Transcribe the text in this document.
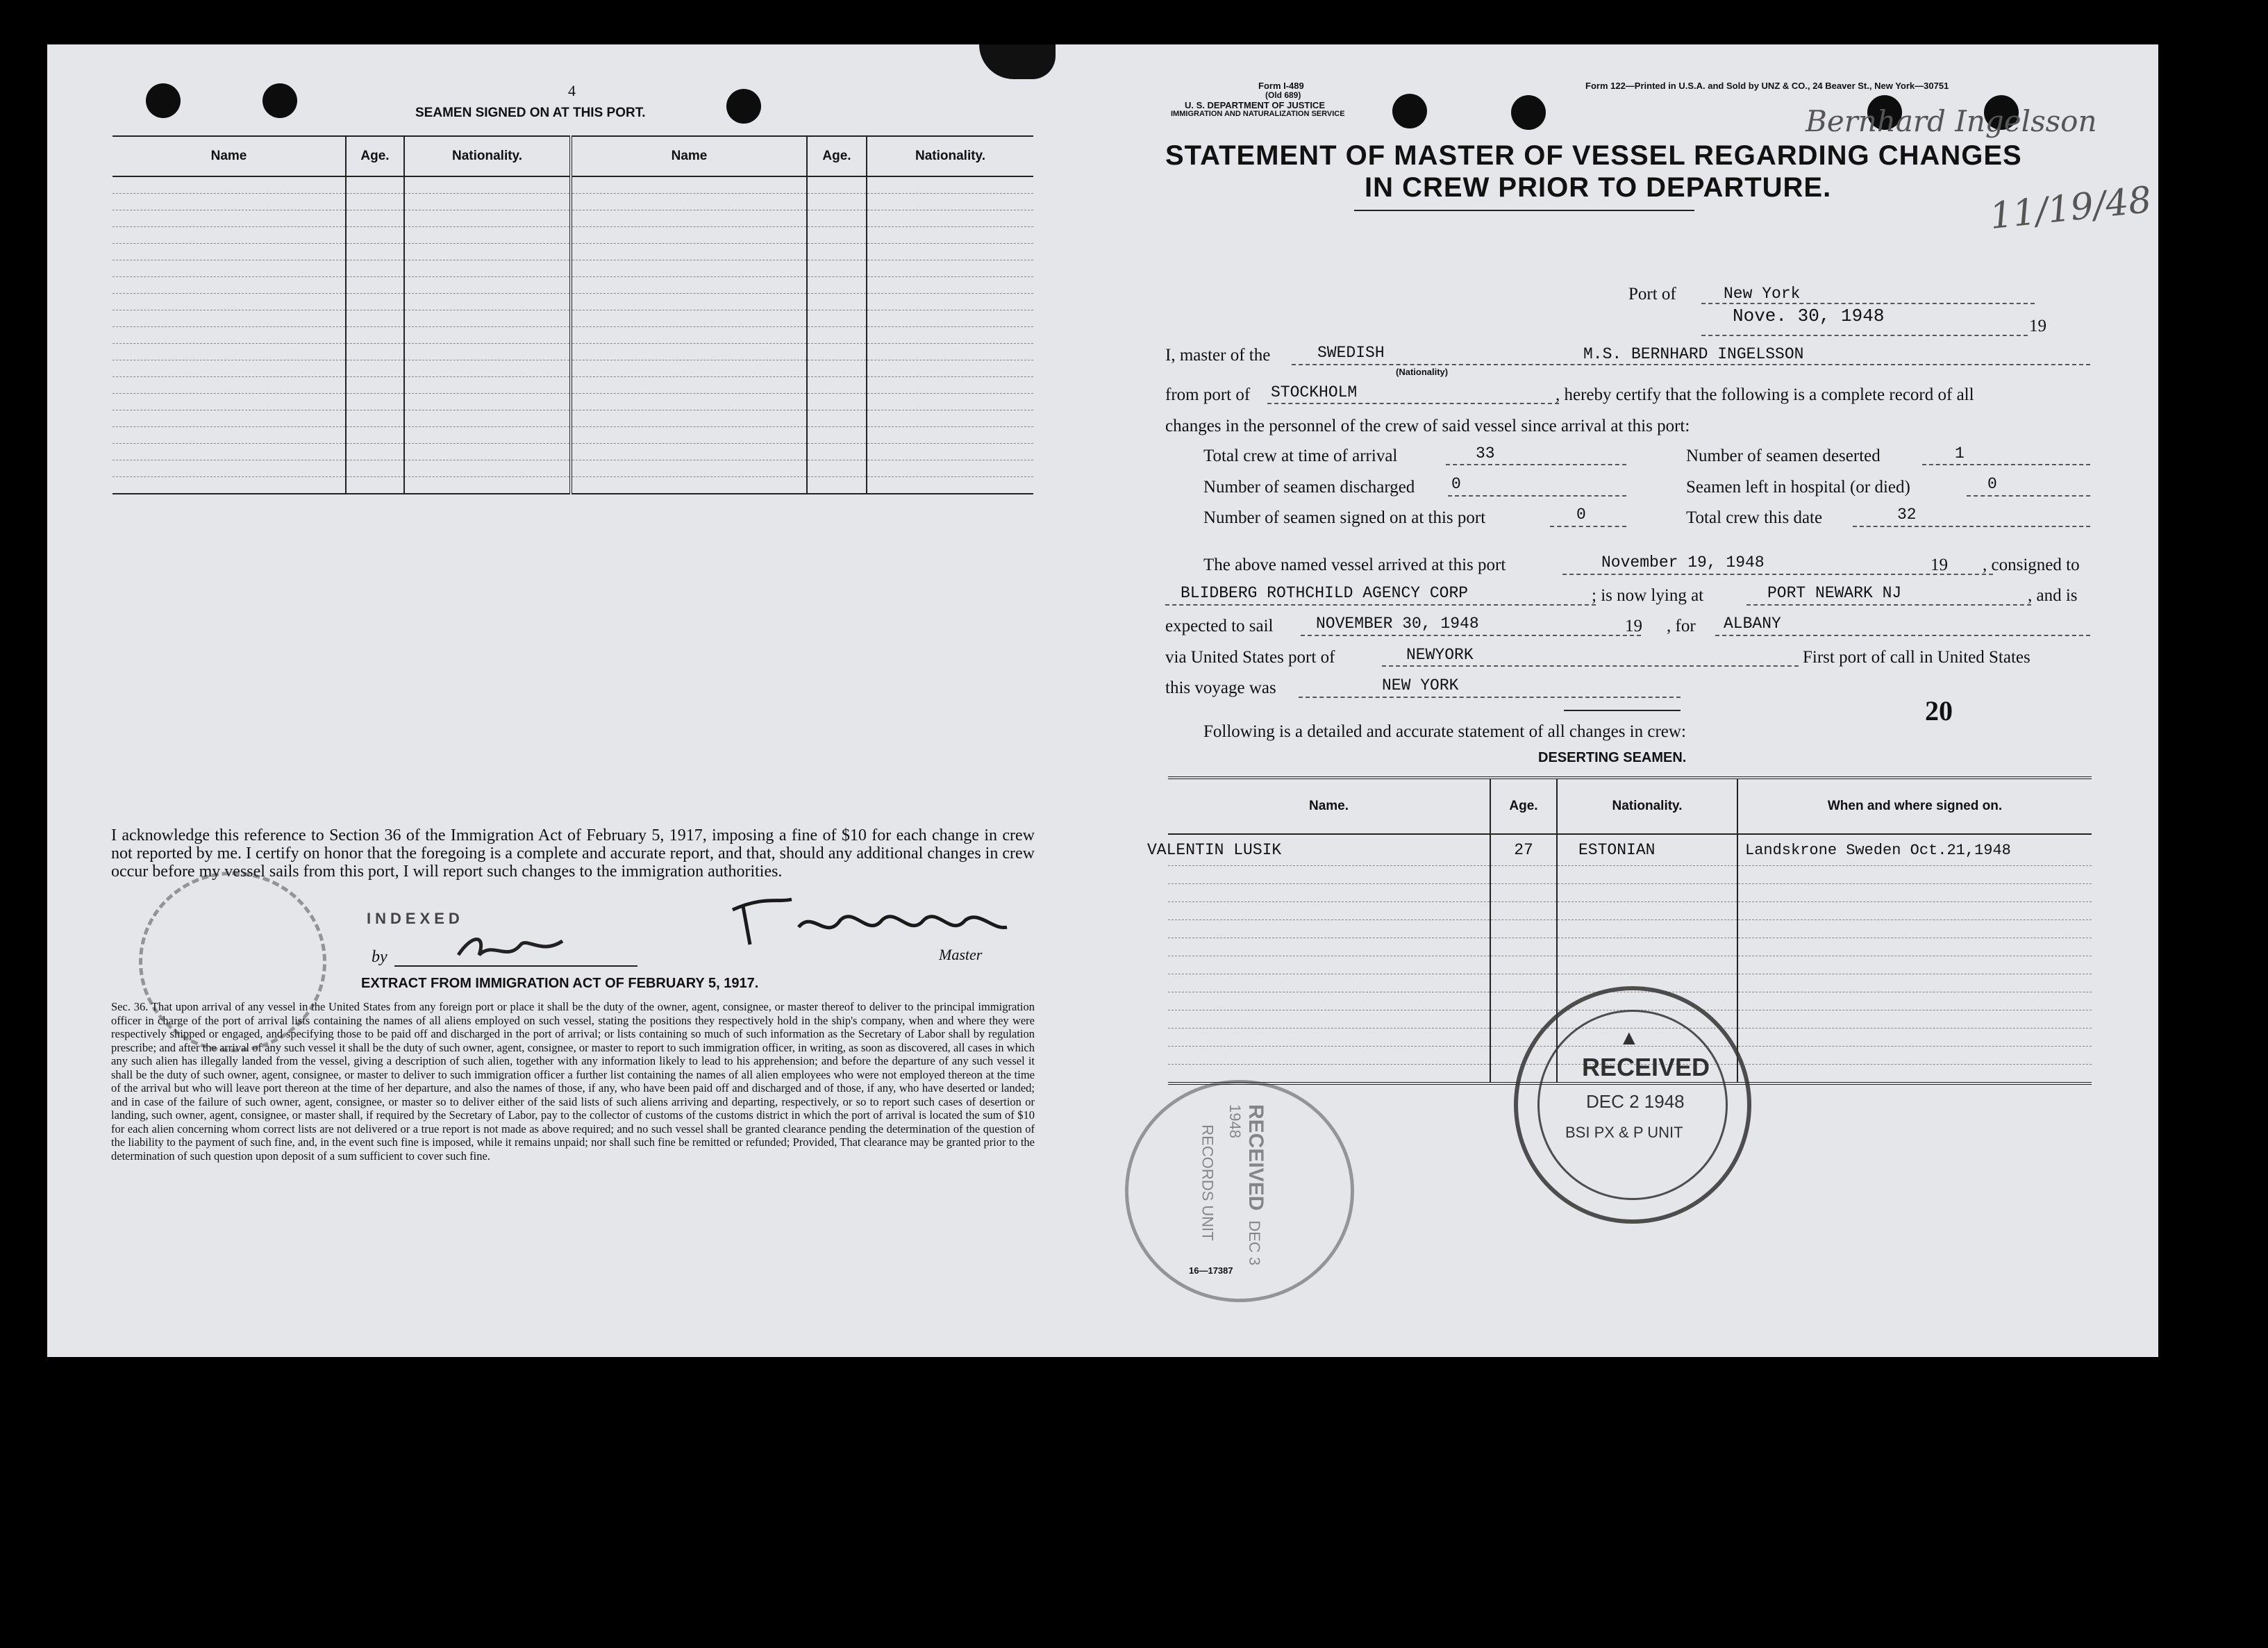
4
SEAMEN SIGNED ON AT THIS PORT.
Name	Age.	Nationality.	Name	Age.	Nationality.

I acknowledge this reference to Section 36 of the Immigration Act of February 5, 1917, imposing a fine of $10 for each change in crew not reported by me. I certify on honor that the foregoing is a complete and accurate report, and that, should any additional changes in crew occur before my vessel sails from this port, I will report such changes to the immigration authorities.
INDEXED
by	Master
EXTRACT FROM IMMIGRATION ACT OF FEBRUARY 5, 1917.
Sec. 36. That upon arrival of any vessel in the United States from any foreign port or place it shall be the duty of the owner, agent, consignee, or master thereof to deliver to the principal immigration officer in charge of the port of arrival lists containing the names of all aliens employed on such vessel, stating the positions they respectively hold in the ship's company, when and where they were respectively shipped or engaged, and specifying those to be paid off and discharged in the port of arrival; or lists containing so much of such information as the Secretary of Labor shall by regulation prescribe; and after the arrival of any such vessel it shall be the duty of such owner, agent, consignee, or master to report to such immigration officer, in writing, as soon as discovered, all cases in which any such alien has illegally landed from the vessel, giving a description of such alien, together with any information likely to lead to his apprehension; and before the departure of any such vessel it shall be the duty of such owner, agent, consignee, or master to deliver to such immigration officer a further list containing the names of all alien employees who were not employed thereon at the time of the arrival but who will leave port thereon at the time of her departure, and also the names of those, if any, who have been paid off and discharged and of those, if any, who have deserted or landed; and in case of the failure of such owner, agent, consignee, or master so to deliver either of the said lists of such aliens arriving and departing, respectively, or so to report such cases of desertion or landing, such owner, agent, consignee, or master shall, if required by the Secretary of Labor, pay to the collector of customs of the customs district in which the port of arrival is located the sum of $10 for each alien concerning whom correct lists are not delivered or a true report is not made as above required; and no such vessel shall be granted clearance pending the determination of the question of the liability to the payment of such fine, and, in the event such fine is imposed, while it remains unpaid; nor shall such fine be remitted or refunded; Provided, That clearance may be granted prior to the determination of such question upon deposit of a sum sufficient to cover such fine.
Form I-489
(Old 689)
U. S. DEPARTMENT OF JUSTICE
IMMIGRATION AND NATURALIZATION SERVICE
Form 122—Printed in U.S.A. and Sold by UNZ & CO., 24 Beaver St., New York—30751
Bernhard Ingelsson
11/19/48
STATEMENT OF MASTER OF VESSEL REGARDING CHANGES
IN CREW PRIOR TO DEPARTURE.
Port of	New York
Nove. 30, 1948	19
I, master of the	SWEDISH
(Nationality)
M.S. BERNHARD INGELSSON
from port of STOCKHOLM	, hereby certify that the following is a complete record of all
changes in the personnel of the crew of said vessel since arrival at this port:
Total crew at time of arrival	33	Number of seamen deserted	1
Number of seamen discharged 0	Seamen left in hospital (or died)	0
Number of seamen signed on at this port	0	Total crew this date	32
The above named vessel arrived at this port	November 19, 1948	19 , consigned to
BLIDBERG ROTHCHILD AGENCY CORP	; is now lying at	PORT NEWARK NJ	, and is
expected to sail	NOVEMBER 30, 1948	19 , for ALBANY
via United States port of	NEWYORK	First port of call in United States
this voyage was	NEW YORK
20
Following is a detailed and accurate statement of all changes in crew:
DESERTING SEAMEN.
Name.	Age.	Nationality.	When and where signed on.
VALENTIN LUSIK	27	ESTONIAN	Landskrone Sweden Oct.21,1948

16—17387
▲
RECEIVED
DEC 2 1948
BSI PX & P UNIT
RECEIVED DEC 3 1948
RECORDS UNIT
